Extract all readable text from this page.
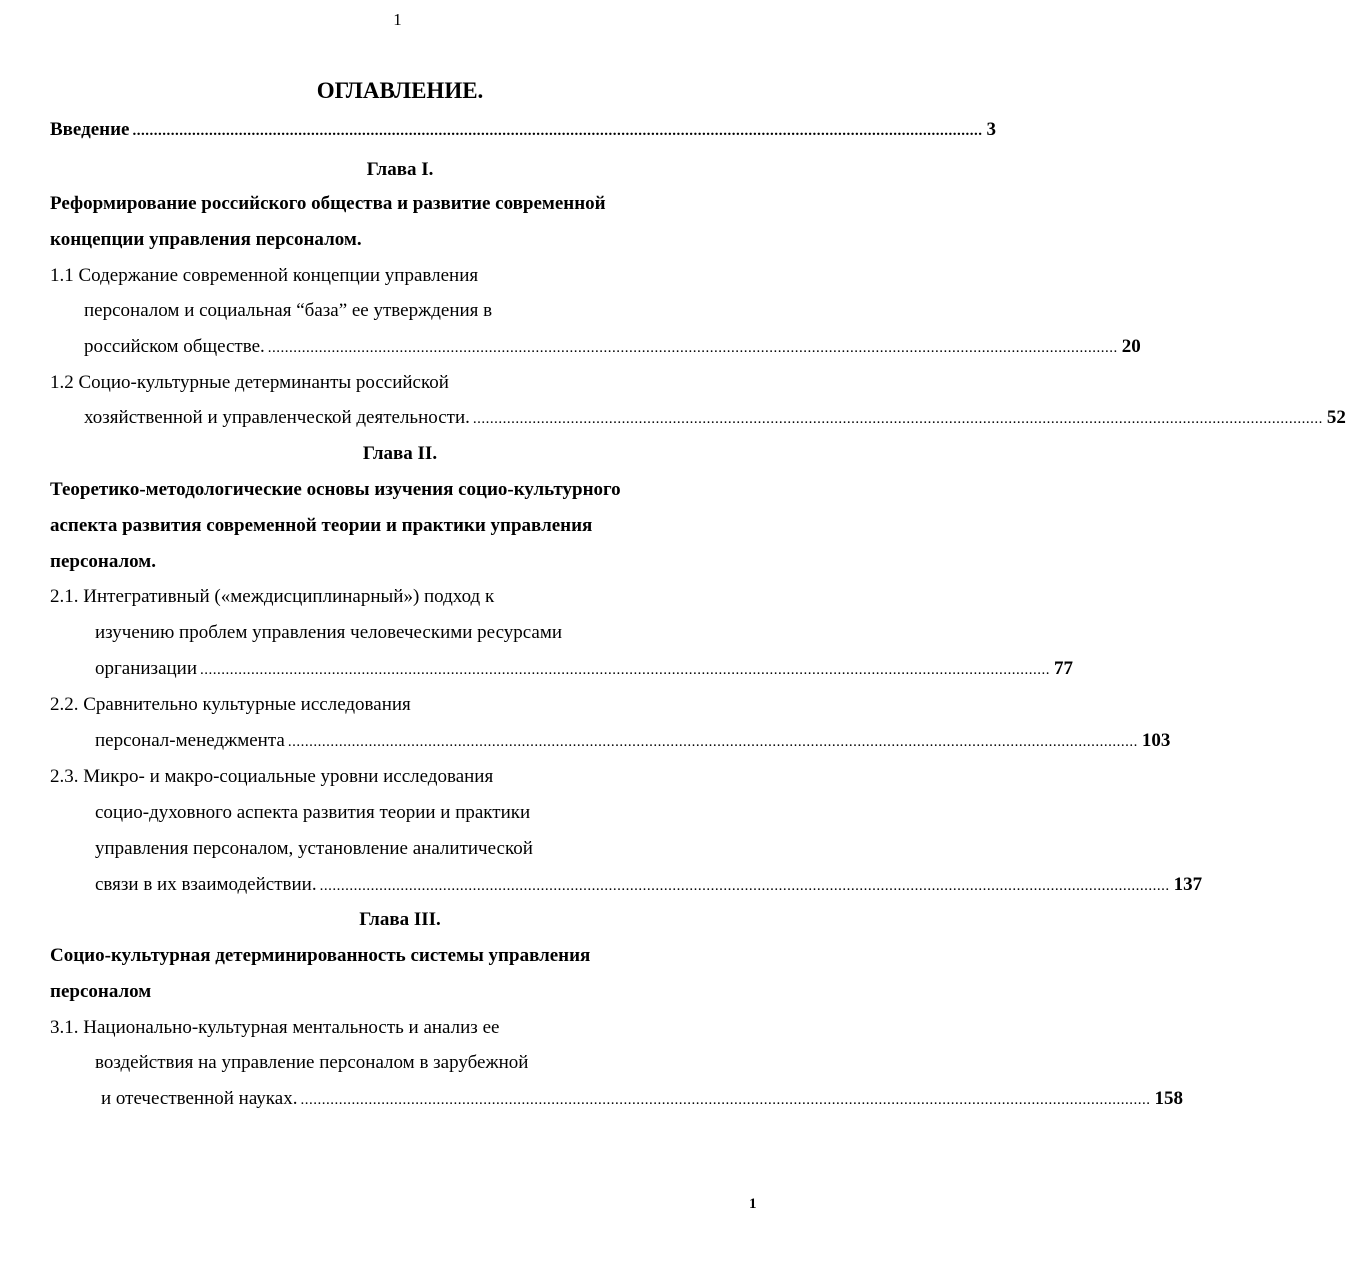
1
ОГЛАВЛЕНИЕ.
Введение ........................................................................................................................................................................................................ 3
Глава I.
Реформирование российского общества и развитие современной
концепции управления персоналом.
1.1 Содержание современной концепции управления
персоналом и социальная “база” ее утверждения в
российском обществе. ........................................................................................................................................................................................................ 20
1.2 Социо-культурные детерминанты российской
хозяйственной и управленческой деятельности. ........................................................................................................................................................................................................ 52
Глава II.
Теоретико-методологические основы изучения социо-культурного
аспекта развития современной теории и практики управления
персоналом.
2.1. Интегративный («междисциплинарный») подход к
изучению проблем управления человеческими ресурсами
организации ........................................................................................................................................................................................................ 77
2.2. Сравнительно культурные исследования
персонал-менеджмента ........................................................................................................................................................................................................ 103
2.3. Микро- и макро-социальные уровни исследования
социо-духовного аспекта развития теории и практики
управления персоналом, установление аналитической
связи в их взаимодействии. ........................................................................................................................................................................................................ 137
Глава III.
Социо-культурная детерминированность системы управления
персоналом
3.1. Национально-культурная ментальность и анализ ее
воздействия на управление персоналом в зарубежной
и отечественной науках. ........................................................................................................................................................................................................ 158
1
